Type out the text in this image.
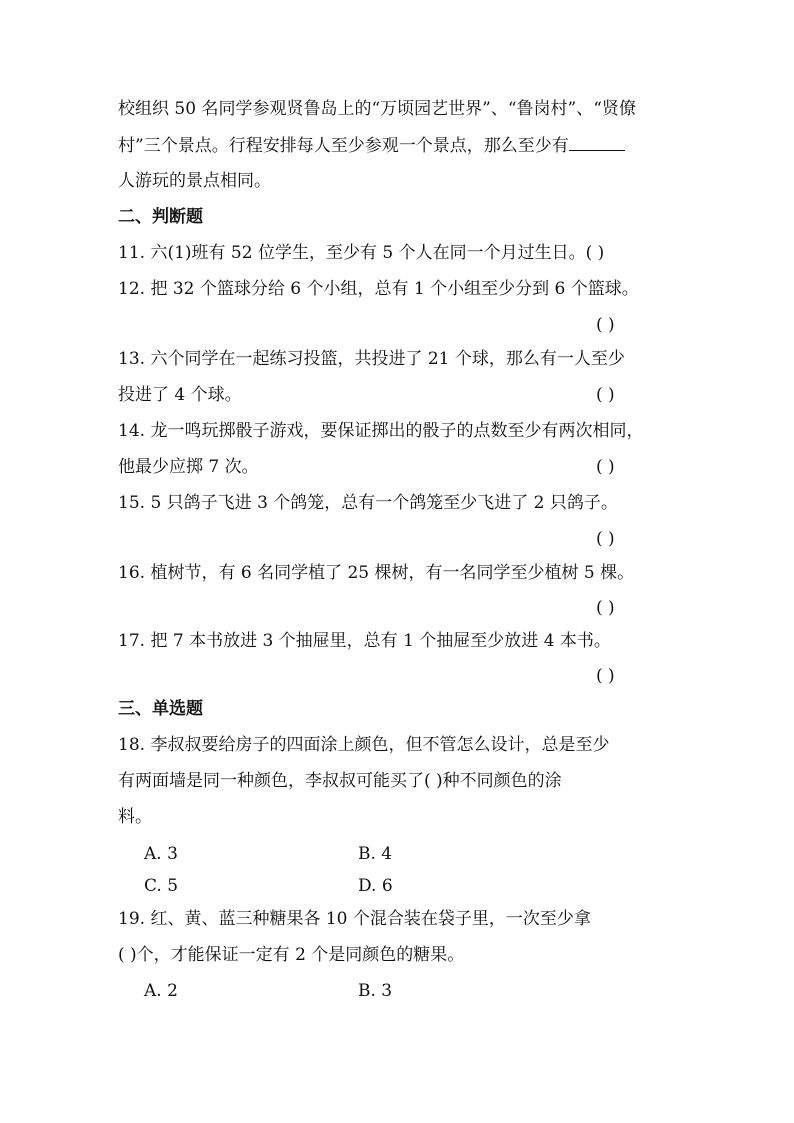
校组织 50 名同学参观贤鲁岛上的“万顷园艺世界”、“鲁岗村”、“贤僚
村”三个景点。行程安排每人至少参观一个景点，那么至少有
人游玩的景点相同。
二、判断题
11. 六(1)班有 52 位学生，至少有 5 个人在同一个月过生日。( )
12. 把 32 个篮球分给 6 个小组，总有 1 个小组至少分到 6 个篮球。
( )
13. 六个同学在一起练习投篮，共投进了 21 个球，那么有一人至少
投进了 4 个球。	( )
14. 龙一鸣玩掷骰子游戏，要保证掷出的骰子的点数至少有两次相同，
他最少应掷 7 次。	( )
15. 5 只鸽子飞进 3 个鸽笼，总有一个鸽笼至少飞进了 2 只鸽子。
( )
16. 植树节，有 6 名同学植了 25 棵树，有一名同学至少植树 5 棵。
( )
17. 把 7 本书放进 3 个抽屉里，总有 1 个抽屉至少放进 4 本书。
( )
三、单选题
18. 李叔叔要给房子的四面涂上颜色，但不管怎么设计，总是至少
有两面墙是同一种颜色，李叔叔可能买了( )种不同颜色的涂
料。
A. 3	B. 4
C. 5	D. 6
19. 红、黄、蓝三种糖果各 10 个混合装在袋子里，一次至少拿
( )个，才能保证一定有 2 个是同颜色的糖果。
A. 2	B. 3
